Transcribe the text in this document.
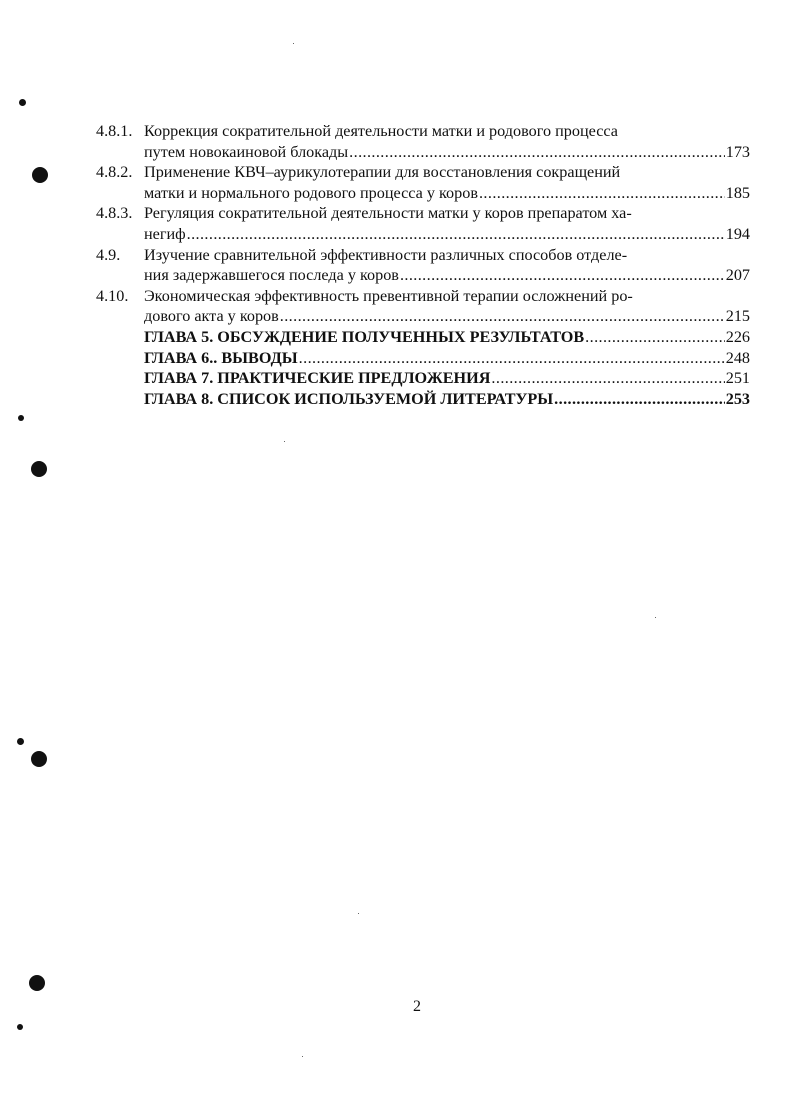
4.8.1. Коррекция сократительной деятельности матки и родового процесса
путем новокаиновой блокады .....	173
4.8.2. Применение КВЧ–аурикулотерапии для восстановления сокращений
матки и нормального родового процесса у коров .....	185
4.8.3. Регуляция сократительной деятельности матки у коров препаратом ха-
негиф .....	194
4.9.	Изучение сравнительной эффективности различных способов отделе-
ния задержавшегося последа у коров .....	207
4.10. Экономическая эффективность превентивной терапии осложнений ро-
дового акта у коров .....	215
ГЛАВА 5. ОБСУЖДЕНИЕ ПОЛУЧЕННЫХ РЕЗУЛЬТАТОВ .....	226
ГЛАВА 6.. ВЫВОДЫ .....	248
ГЛАВА 7. ПРАКТИЧЕСКИЕ ПРЕДЛОЖЕНИЯ .....	251
ГЛАВА 8. СПИСОК ИСПОЛЬЗУЕМОЙ ЛИТЕРАТУРЫ .....	253
2
